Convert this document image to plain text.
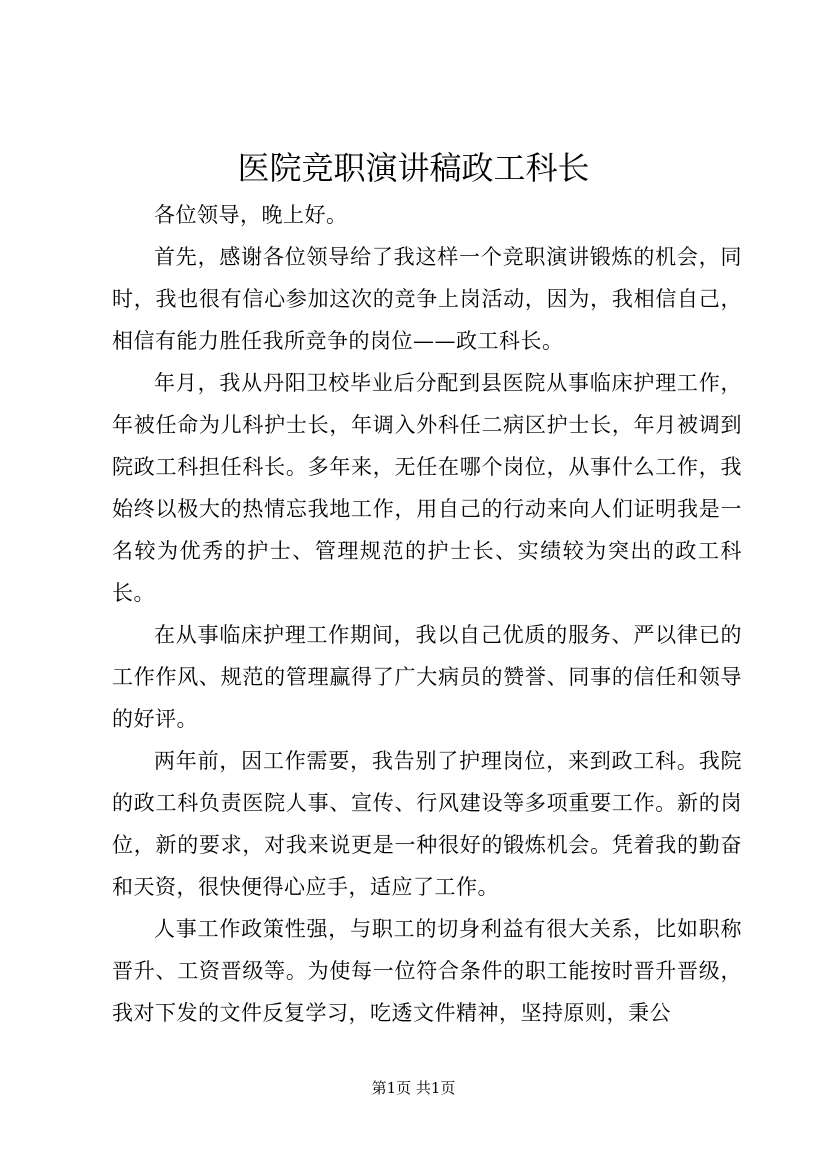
医院竞职演讲稿政工科长

各位领导，晚上好。

首先，感谢各位领导给了我这样一个竞职演讲锻炼的机会，同时，我也很有信心参加这次的竞争上岗活动，因为，我相信自己，相信有能力胜任我所竞争的岗位——政工科长。

年月，我从丹阳卫校毕业后分配到县医院从事临床护理工作，年被任命为儿科护士长，年调入外科任二病区护士长，年月被调到院政工科担任科长。多年来，无任在哪个岗位，从事什么工作，我始终以极大的热情忘我地工作，用自己的行动来向人们证明我是一名较为优秀的护士、管理规范的护士长、实绩较为突出的政工科长。

在从事临床护理工作期间，我以自己优质的服务、严以律已的工作作风、规范的管理赢得了广大病员的赞誉、同事的信任和领导的好评。

两年前，因工作需要，我告别了护理岗位，来到政工科。我院的政工科负责医院人事、宣传、行风建设等多项重要工作。新的岗位，新的要求，对我来说更是一种很好的锻炼机会。凭着我的勤奋和天资，很快便得心应手，适应了工作。

人事工作政策性强，与职工的切身利益有很大关系，比如职称晋升、工资晋级等。为使每一位符合条件的职工能按时晋升晋级，我对下发的文件反复学习，吃透文件精神，坚持原则，秉公

第1页 共1页
